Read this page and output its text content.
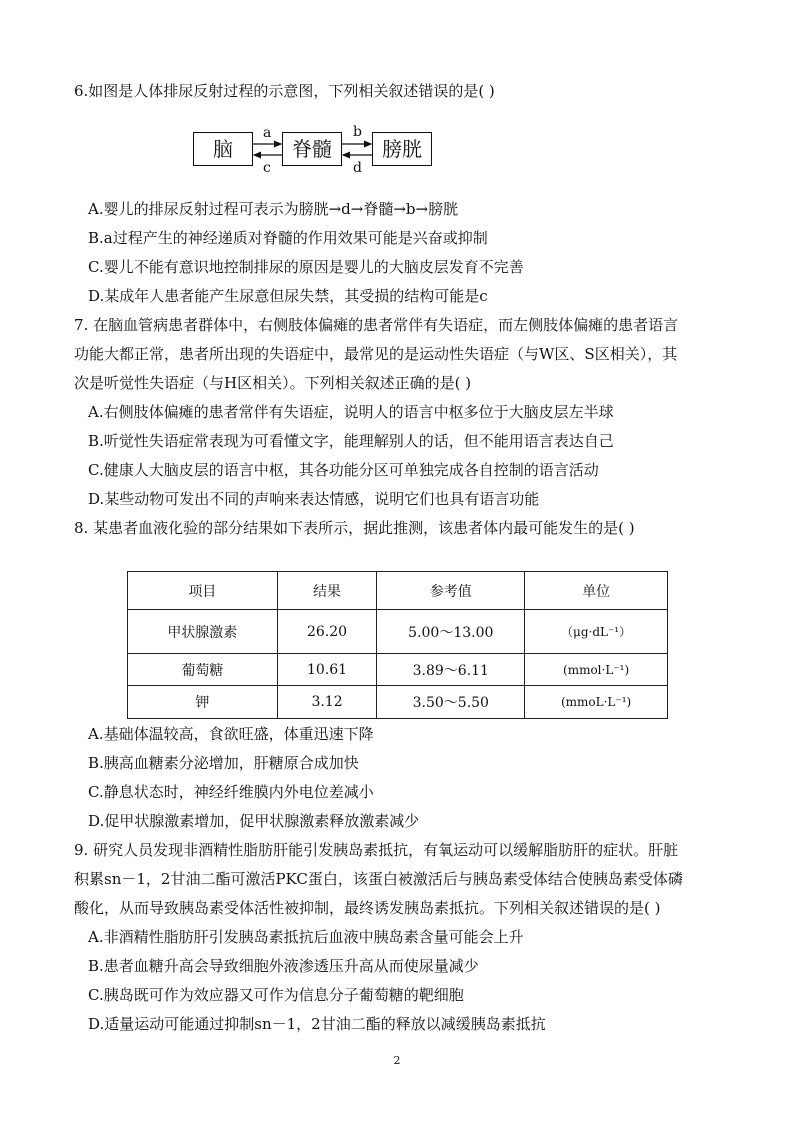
6.如图是人体排尿反射过程的示意图，下列相关叙述错误的是( )
脑	脊髓	膀胱
a
c
b
d
A.婴儿的排尿反射过程可表示为膀胱→d→脊髓→b→膀胱
B.a过程产生的神经递质对脊髓的作用效果可能是兴奋或抑制
C.婴儿不能有意识地控制排尿的原因是婴儿的大脑皮层发育不完善
D.某成年人患者能产生尿意但尿失禁，其受损的结构可能是c
7. 在脑血管病患者群体中，右侧肢体偏瘫的患者常伴有失语症，而左侧肢体偏瘫的患者语言
功能大都正常，患者所出现的失语症中，最常见的是运动性失语症（与W区、S区相关），其
次是听觉性失语症（与H区相关）。下列相关叙述正确的是( )
A.右侧肢体偏瘫的患者常伴有失语症，说明人的语言中枢多位于大脑皮层左半球
B.听觉性失语症常表现为可看懂文字，能理解别人的话，但不能用语言表达自己
C.健康人大脑皮层的语言中枢，其各功能分区可单独完成各自控制的语言活动
D.某些动物可发出不同的声响来表达情感，说明它们也具有语言功能
8. 某患者血液化验的部分结果如下表所示，据此推测，该患者体内最可能发生的是( )
项目	结果	参考值	单位
甲状腺激素	26.20	5.00～13.00	（μg·dL⁻¹）
葡萄糖	10.61	3.89～6.11	(mmol·L⁻¹)
钾	3.12	3.50～5.50	(mmoL·L⁻¹)
A.基础体温较高，食欲旺盛，体重迅速下降
B.胰高血糖素分泌增加，肝糖原合成加快
C.静息状态时，神经纤维膜内外电位差减小
D.促甲状腺激素增加，促甲状腺激素释放激素减少
9. 研究人员发现非酒精性脂肪肝能引发胰岛素抵抗，有氧运动可以缓解脂肪肝的症状。肝脏
积累sn－1，2甘油二酯可激活PKC蛋白，该蛋白被激活后与胰岛素受体结合使胰岛素受体磷
酸化，从而导致胰岛素受体活性被抑制，最终诱发胰岛素抵抗。下列相关叙述错误的是( )
A.非酒精性脂肪肝引发胰岛素抵抗后血液中胰岛素含量可能会上升
B.患者血糖升高会导致细胞外液渗透压升高从而使尿量减少
C.胰岛既可作为效应器又可作为信息分子葡萄糖的靶细胞
D.适量运动可能通过抑制sn－1，2甘油二酯的释放以减缓胰岛素抵抗
2
